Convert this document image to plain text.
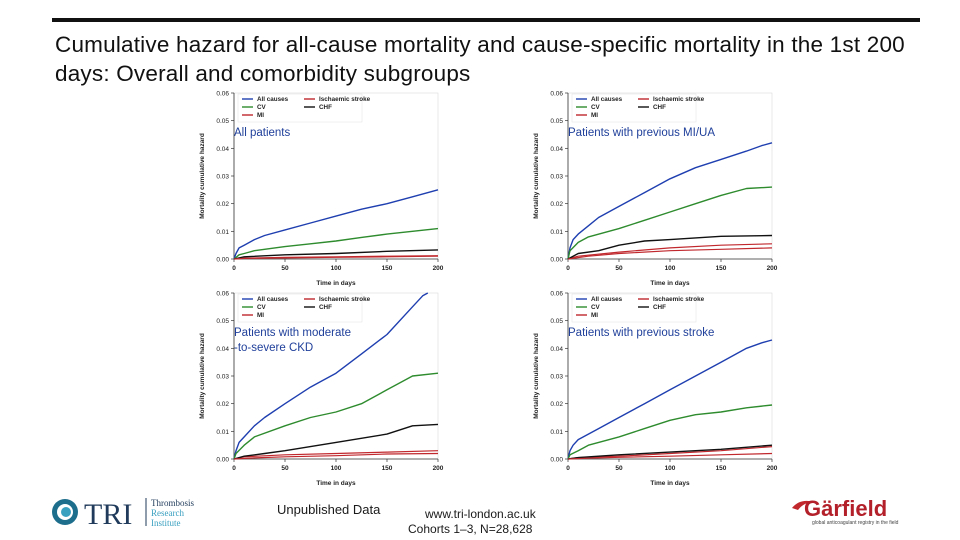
Cumulative hazard for all-cause mortality and cause-specific mortality in the 1st 200 days: Overall and comorbidity subgroups
0.00
0.01
0.02
0.03
0.04
0.05
0.06
0	50	100	150	200
Time in days
Mortality cumulative hazard
All causes	Ischaemic stroke
CV	CHF
MI
All patients
0.00
0.01
0.02
0.03
0.04
0.05
0.06
0	50	100	150	200
Time in days
Mortality cumulative hazard
All causes	Ischaemic stroke
CV	CHF
MI
Patients with previous MI/UA
0.00
0.01
0.02
0.03
0.04
0.05
0.06
0	50	100	150	200
Time in days
Mortality cumulative hazard
All causes	Ischaemic stroke
CV	CHF
MI
Patients with moderate
-to-severe CKD
0.00
0.01
0.02
0.03
0.04
0.05
0.06
0	50	100	150	200
Time in days
Mortality cumulative hazard
All causes	Ischaemic stroke
CV	CHF
MI
Patients with previous stroke
TRI Thrombosis
Research
Institute
Unpublished Data	www.tri-london.ac.uk
Cohorts 1–3, N=28,628
Gärfield
global anticoagulant registry in the field
